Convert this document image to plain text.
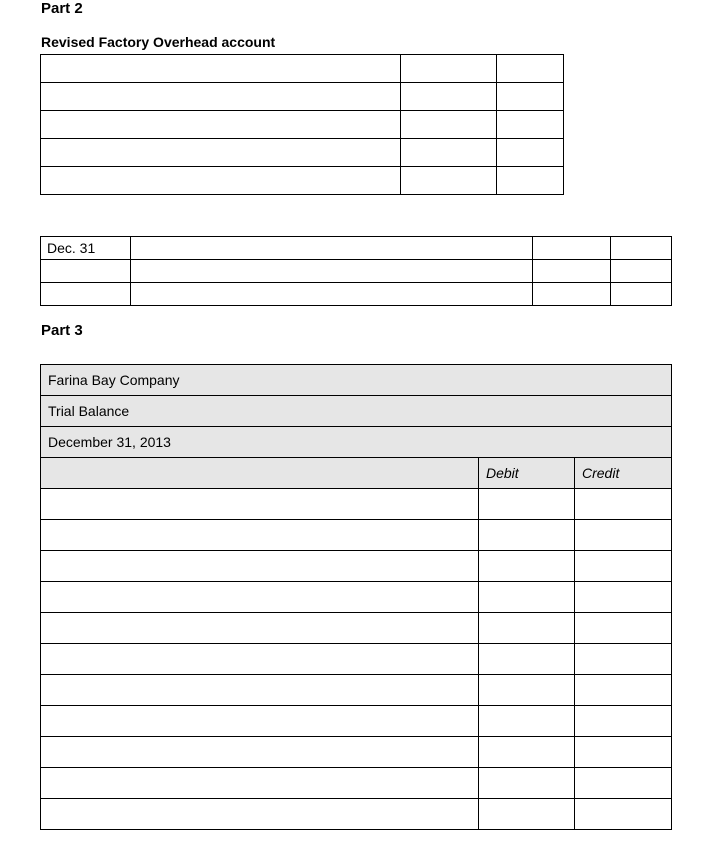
Part 2
Revised Factory Overhead account

Dec. 31			

Part 3
Farina Bay Company		
Trial Balance		
December 31, 2013		
	Debit	Credit
